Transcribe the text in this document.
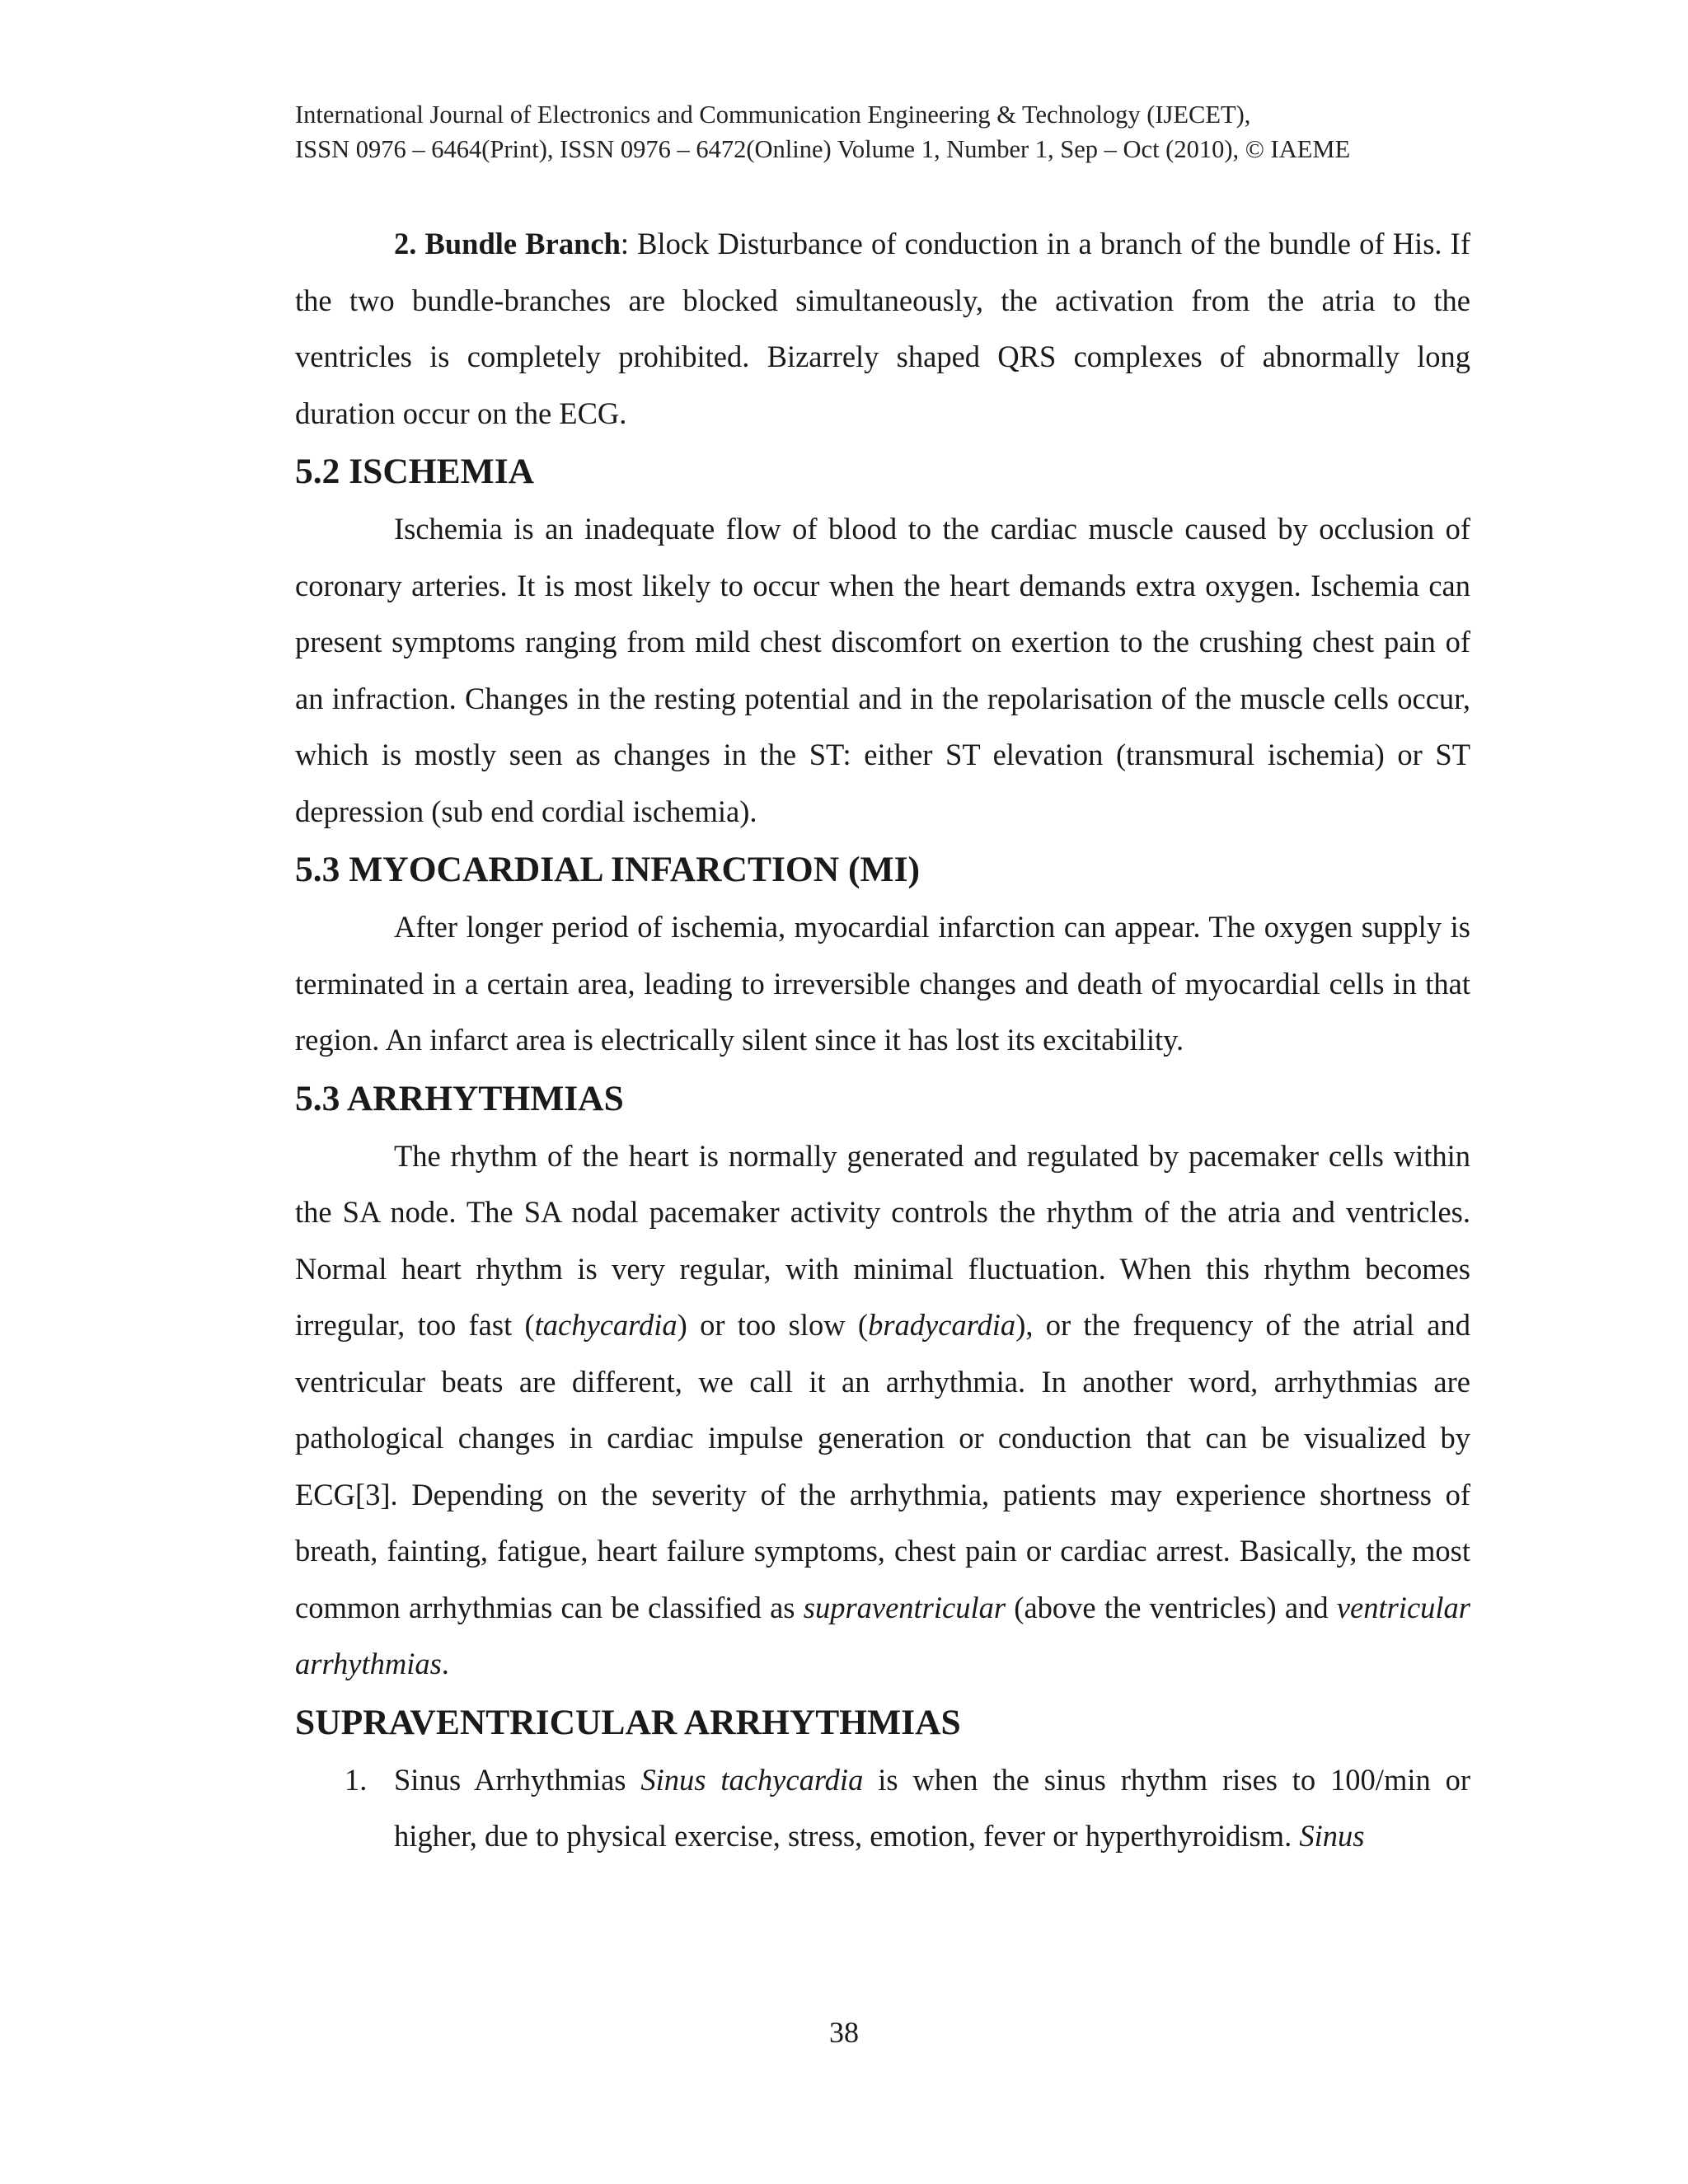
International Journal of Electronics and Communication Engineering & Technology (IJECET),
ISSN 0976 – 6464(Print), ISSN 0976 – 6472(Online) Volume 1, Number 1, Sep – Oct (2010), © IAEME

2. Bundle Branch: Block Disturbance of conduction in a branch of the bundle of His. If the two bundle-branches are blocked simultaneously, the activation from the atria to the ventricles is completely prohibited. Bizarrely shaped QRS complexes of abnormally long duration occur on the ECG.

5.2 ISCHEMIA

Ischemia is an inadequate flow of blood to the cardiac muscle caused by occlusion of coronary arteries. It is most likely to occur when the heart demands extra oxygen. Ischemia can present symptoms ranging from mild chest discomfort on exertion to the crushing chest pain of an infraction. Changes in the resting potential and in the repolarisation of the muscle cells occur, which is mostly seen as changes in the ST: either ST elevation (transmural ischemia) or ST depression (sub end cordial ischemia).

5.3 MYOCARDIAL INFARCTION (MI)

After longer period of ischemia, myocardial infarction can appear. The oxygen supply is terminated in a certain area, leading to irreversible changes and death of myocardial cells in that region. An infarct area is electrically silent since it has lost its excitability.

5.3 ARRHYTHMIAS

The rhythm of the heart is normally generated and regulated by pacemaker cells within the SA node. The SA nodal pacemaker activity controls the rhythm of the atria and ventricles. Normal heart rhythm is very regular, with minimal fluctuation. When this rhythm becomes irregular, too fast (tachycardia) or too slow (bradycardia), or the frequency of the atrial and ventricular beats are different, we call it an arrhythmia. In another word, arrhythmias are pathological changes in cardiac impulse generation or conduction that can be visualized by ECG[3]. Depending on the severity of the arrhythmia, patients may experience shortness of breath, fainting, fatigue, heart failure symptoms, chest pain or cardiac arrest. Basically, the most common arrhythmias can be classified as supraventricular (above the ventricles) and ventricular arrhythmias.

SUPRAVENTRICULAR ARRHYTHMIAS
1. Sinus Arrhythmias Sinus tachycardia is when the sinus rhythm rises to 100/min or higher, due to physical exercise, stress, emotion, fever or hyperthyroidism. Sinus
38
